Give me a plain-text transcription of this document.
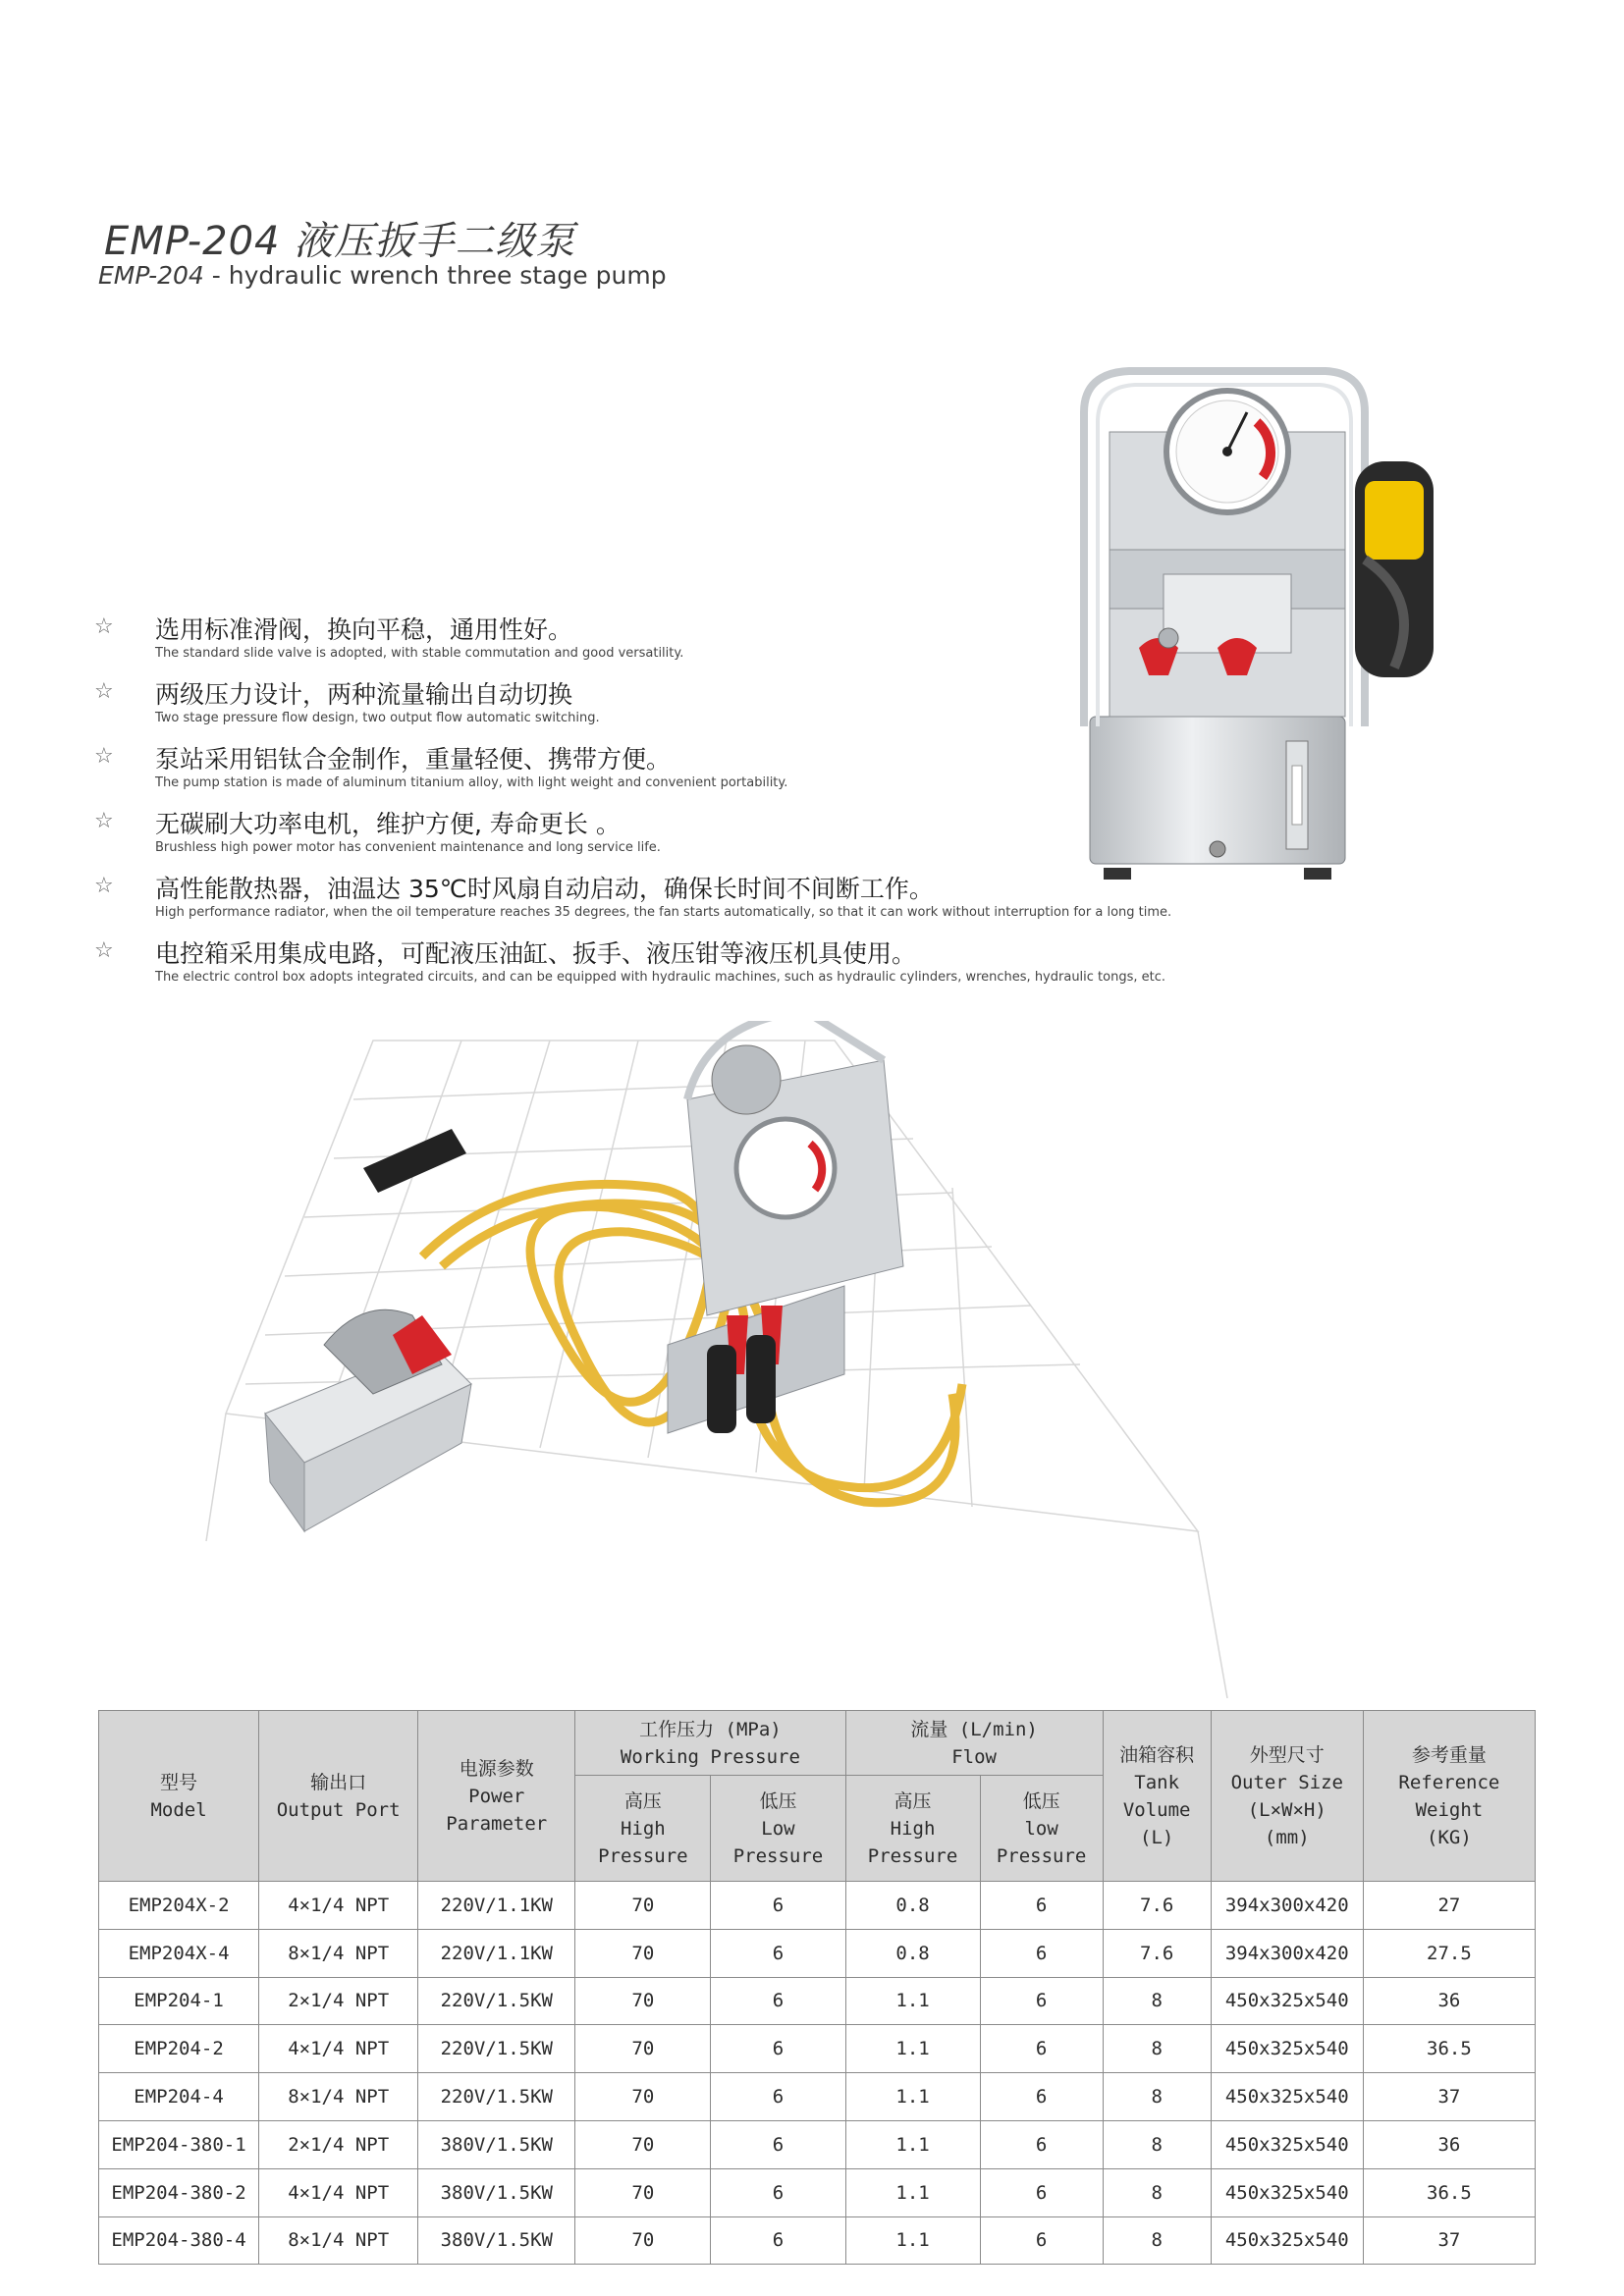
EMP-204 液压扳手二级泵
EMP-204 - hydraulic wrench three stage pump
☆ 选用标准滑阀，换向平稳，通用性好。
The standard slide valve is adopted, with stable commutation and good versatility.
☆ 两级压力设计，两种流量输出自动切换
Two stage pressure flow design, two output flow automatic switching.
☆ 泵站采用铝钛合金制作，重量轻便、携带方便。
The pump station is made of aluminum titanium alloy, with light weight and convenient portability.
☆ 无碳刷大功率电机，维护方便, 寿命更长 。
Brushless high power motor has convenient maintenance and long service life.
☆ 高性能散热器，油温达 35℃时风扇自动启动，确保长时间不间断工作。
High performance radiator, when the oil temperature reaches 35 degrees, the fan starts automatically, so that it can work without interruption for a long time.
☆ 电控箱采用集成电路，可配液压油缸、扳手、液压钳等液压机具使用。
The electric control box adopts integrated circuits, and can be equipped with hydraulic machines, such as hydraulic cylinders, wrenches, hydraulic tongs, etc.
型号
Model	输出口
Output Port	电源参数
Power
Parameter	工作压力 (MPa)
Working Pressure		流量 (L/min)
Flow		油箱容积
Tank
Volume
(L)	外型尺寸
Outer Size
(L×W×H)
(mm)	参考重量
Reference
Weight
(KG)

			高压
High
Pressure	低压
Low
Pressure	高压
High
Pressure	低压
low
Pressure			

EMP204X-2	4×1/4 NPT	220V/1.1KW	70	6	0.8	6	7.6	394x300x420	27
EMP204X-4	8×1/4 NPT	220V/1.1KW	70	6	0.8	6	7.6	394x300x420	27.5
EMP204-1	2×1/4 NPT	220V/1.5KW	70	6	1.1	6	8	450x325x540	36
EMP204-2	4×1/4 NPT	220V/1.5KW	70	6	1.1	6	8	450x325x540	36.5
EMP204-4	8×1/4 NPT	220V/1.5KW	70	6	1.1	6	8	450x325x540	37
EMP204-380-1	2×1/4 NPT	380V/1.5KW	70	6	1.1	6	8	450x325x540	36
EMP204-380-2	4×1/4 NPT	380V/1.5KW	70	6	1.1	6	8	450x325x540	36.5
EMP204-380-4	8×1/4 NPT	380V/1.5KW	70	6	1.1	6	8	450x325x540	37
